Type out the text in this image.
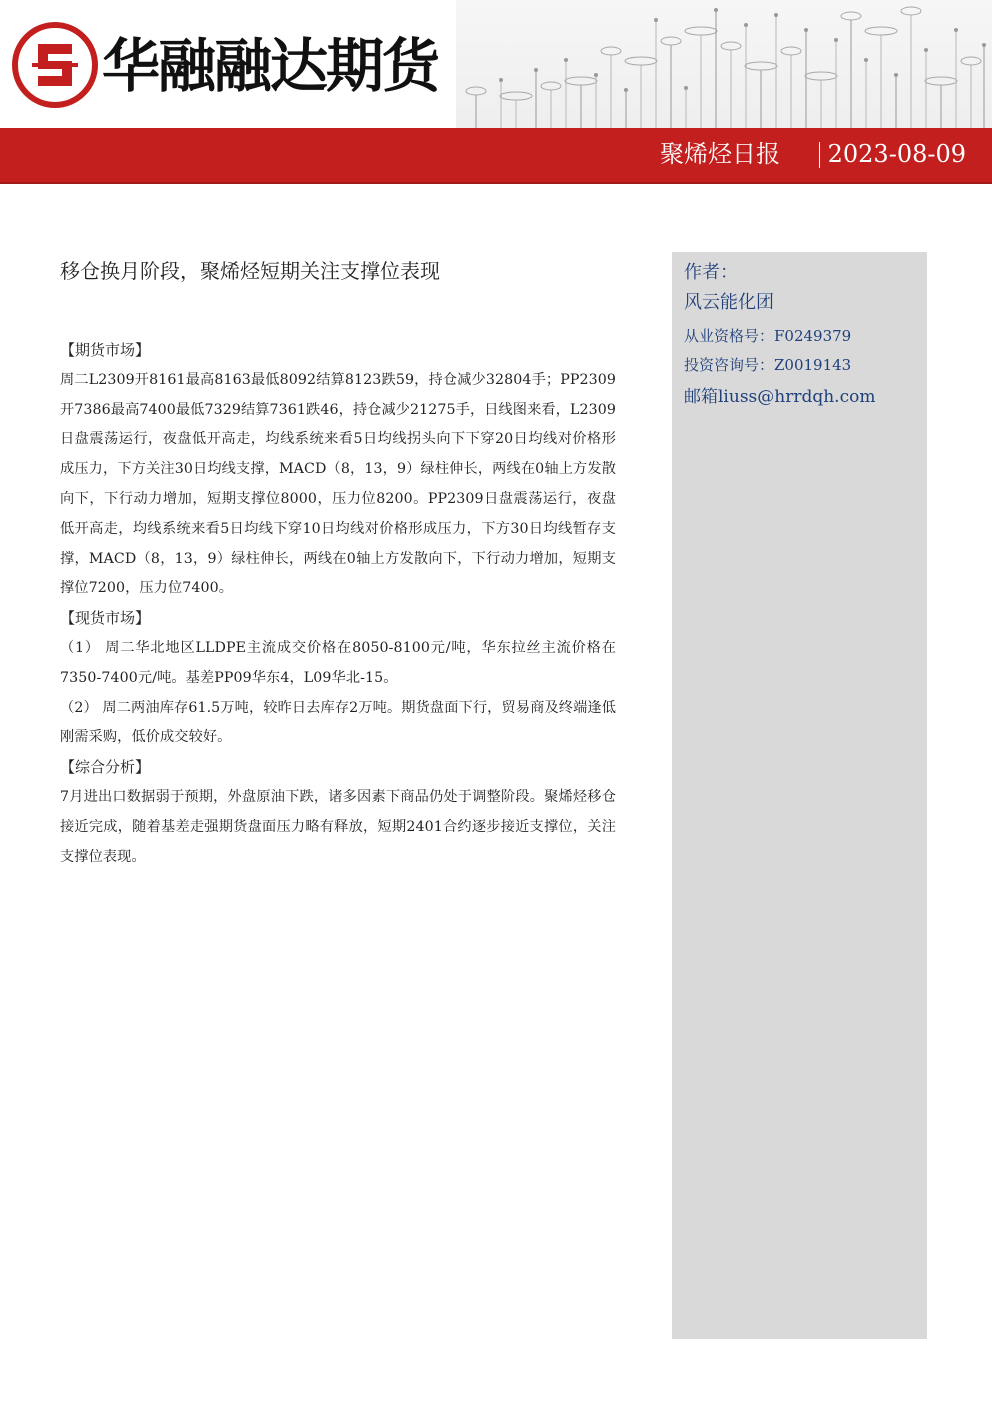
华融融达期货
聚烯烃日报 2023-08-09
移仓换月阶段，聚烯烃短期关注支撑位表现

【期货市场】

周二L2309开8161最高8163最低8092结算8123跌59，持仓减少32804手；PP2309开7386最高7400最低7329结算7361跌46，持仓减少21275手，日线图来看，L2309日盘震荡运行，夜盘低开高走，均线系统来看5日均线拐头向下下穿20日均线对价格形成压力，下方关注30日均线支撑，MACD（8，13，9）绿柱伸长，两线在0轴上方发散向下，下行动力增加，短期支撑位8000，压力位8200。PP2309日盘震荡运行，夜盘低开高走，均线系统来看5日均线下穿10日均线对价格形成压力，下方30日均线暂存支撑，MACD（8，13，9）绿柱伸长，两线在0轴上方发散向下，下行动力增加，短期支撑位7200，压力位7400。

【现货市场】

（1） 周二华北地区LLDPE主流成交价格在8050-8100元/吨，华东拉丝主流价格在7350-7400元/吨。基差PP09华东4，L09华北-15。

（2） 周二两油库存61.5万吨，较昨日去库存2万吨。期货盘面下行，贸易商及终端逢低刚需采购，低价成交较好。

【综合分析】

7月进出口数据弱于预期，外盘原油下跌，诸多因素下商品仍处于调整阶段。聚烯烃移仓接近完成，随着基差走强期货盘面压力略有释放，短期2401合约逐步接近支撑位，关注支撑位表现。

作者：
风云能化团
从业资格号：F0249379
投资咨询号：Z0019143
邮箱liuss@hrrdqh.com
